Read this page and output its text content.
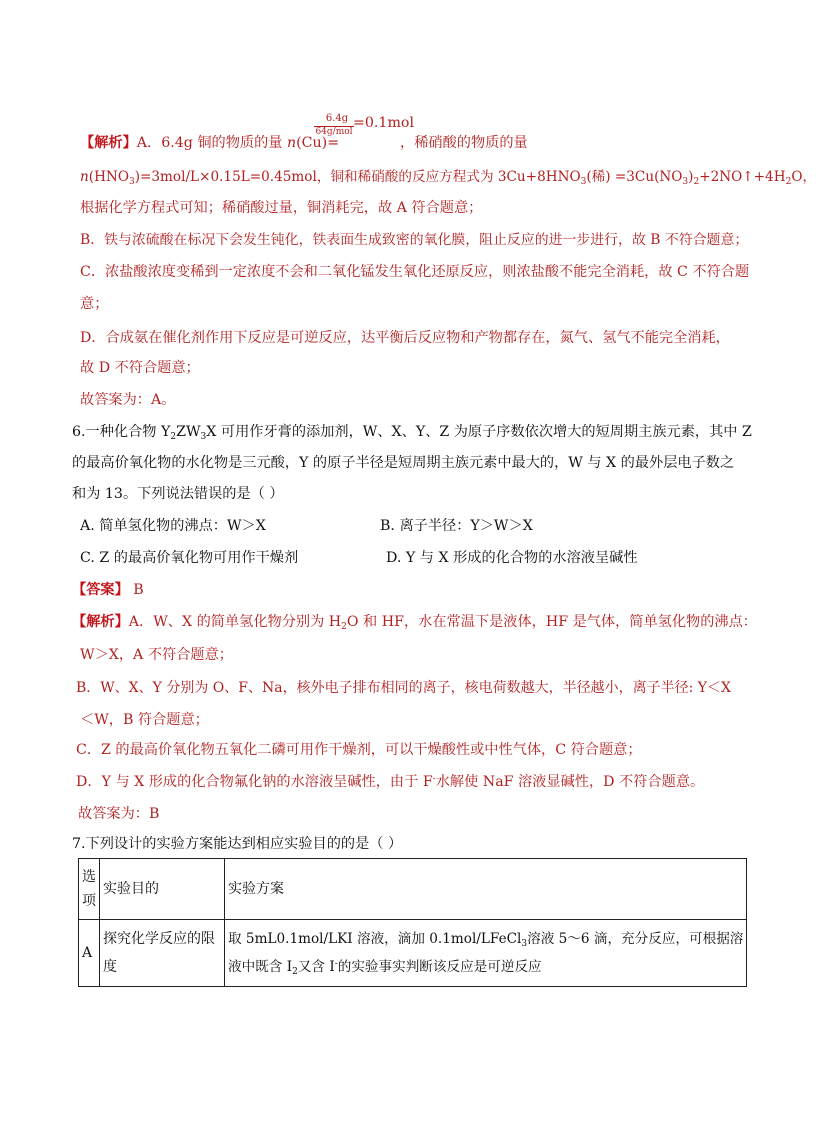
【解析】A．6.4g 铜的物质的量 n(Cu)=
6.4g
64g/mol
=0.1mol
，稀硝酸的物质的量
$n(HNO_3)=3mol/L\times 0.15L=0.45mol$，铜和稀硝酸的反应方程式为 $3Cu+8HNO_3$(稀) $=3Cu(NO_3)_2+2NO↑+4H_2O$，
根据化学方程式可知；稀硝酸过量，铜消耗完，故 A 符合题意；
B．铁与浓硫酸在标况下会发生钝化，铁表面生成致密的氧化膜，阻止反应的进一步进行，故 B 不符合题意；
C．浓盐酸浓度变稀到一定浓度不会和二氧化锰发生氧化还原反应，则浓盐酸不能完全消耗，故 C 不符合题
意；
D．合成氨在催化剂作用下反应是可逆反应，达平衡后反应物和产物都存在，氮气、氢气不能完全消耗，
故 D 不符合题意；
故答案为：A。
6.一种化合物 $Y_2ZW_3X$ 可用作牙膏的添加剂，W、X、Y、Z 为原子序数依次增大的短周期主族元素，其中 Z
的最高价氧化物的水化物是三元酸，Y 的原子半径是短周期主族元素中最大的，W 与 X 的最外层电子数之
和为 13。下列说法错误的是（ ）
A. 简单氢化物的沸点：W＞X	B. 离子半径：Y＞W＞X
C. Z 的最高价氧化物可用作干燥剂	D. Y 与 X 形成的化合物的水溶液呈碱性
【答案】 B
【解析】A．W、X 的简单氢化物分别为 $H_2O$ 和 HF，水在常温下是液体，HF 是气体，简单氢化物的沸点：
W＞X，A 不符合题意；
B．W、X、Y 分别为 O、F、Na，核外电子排布相同的离子，核电荷数越大，半径越小，离子半径: Y＜X
＜W，B 符合题意；
C．Z 的最高价氧化物五氧化二磷可用作干燥剂，可以干燥酸性或中性气体，C 符合题意；
D．Y 与 X 形成的化合物氟化钠的水溶液呈碱性，由于 F-水解使 NaF 溶液显碱性，D 不符合题意。
故答案为：B
7.下列设计的实验方案能达到相应实验目的的是（ ）
选项	实验目的	实验方案
A	探究化学反应的限度	取 5mL0.1mol/LKI 溶液，滴加 0.1mol/LFeCl$_3$溶液 5～6 滴，充分反应，可根据溶
液中既含 $I_2$又含 I-的实验事实判断该反应是可逆反应
